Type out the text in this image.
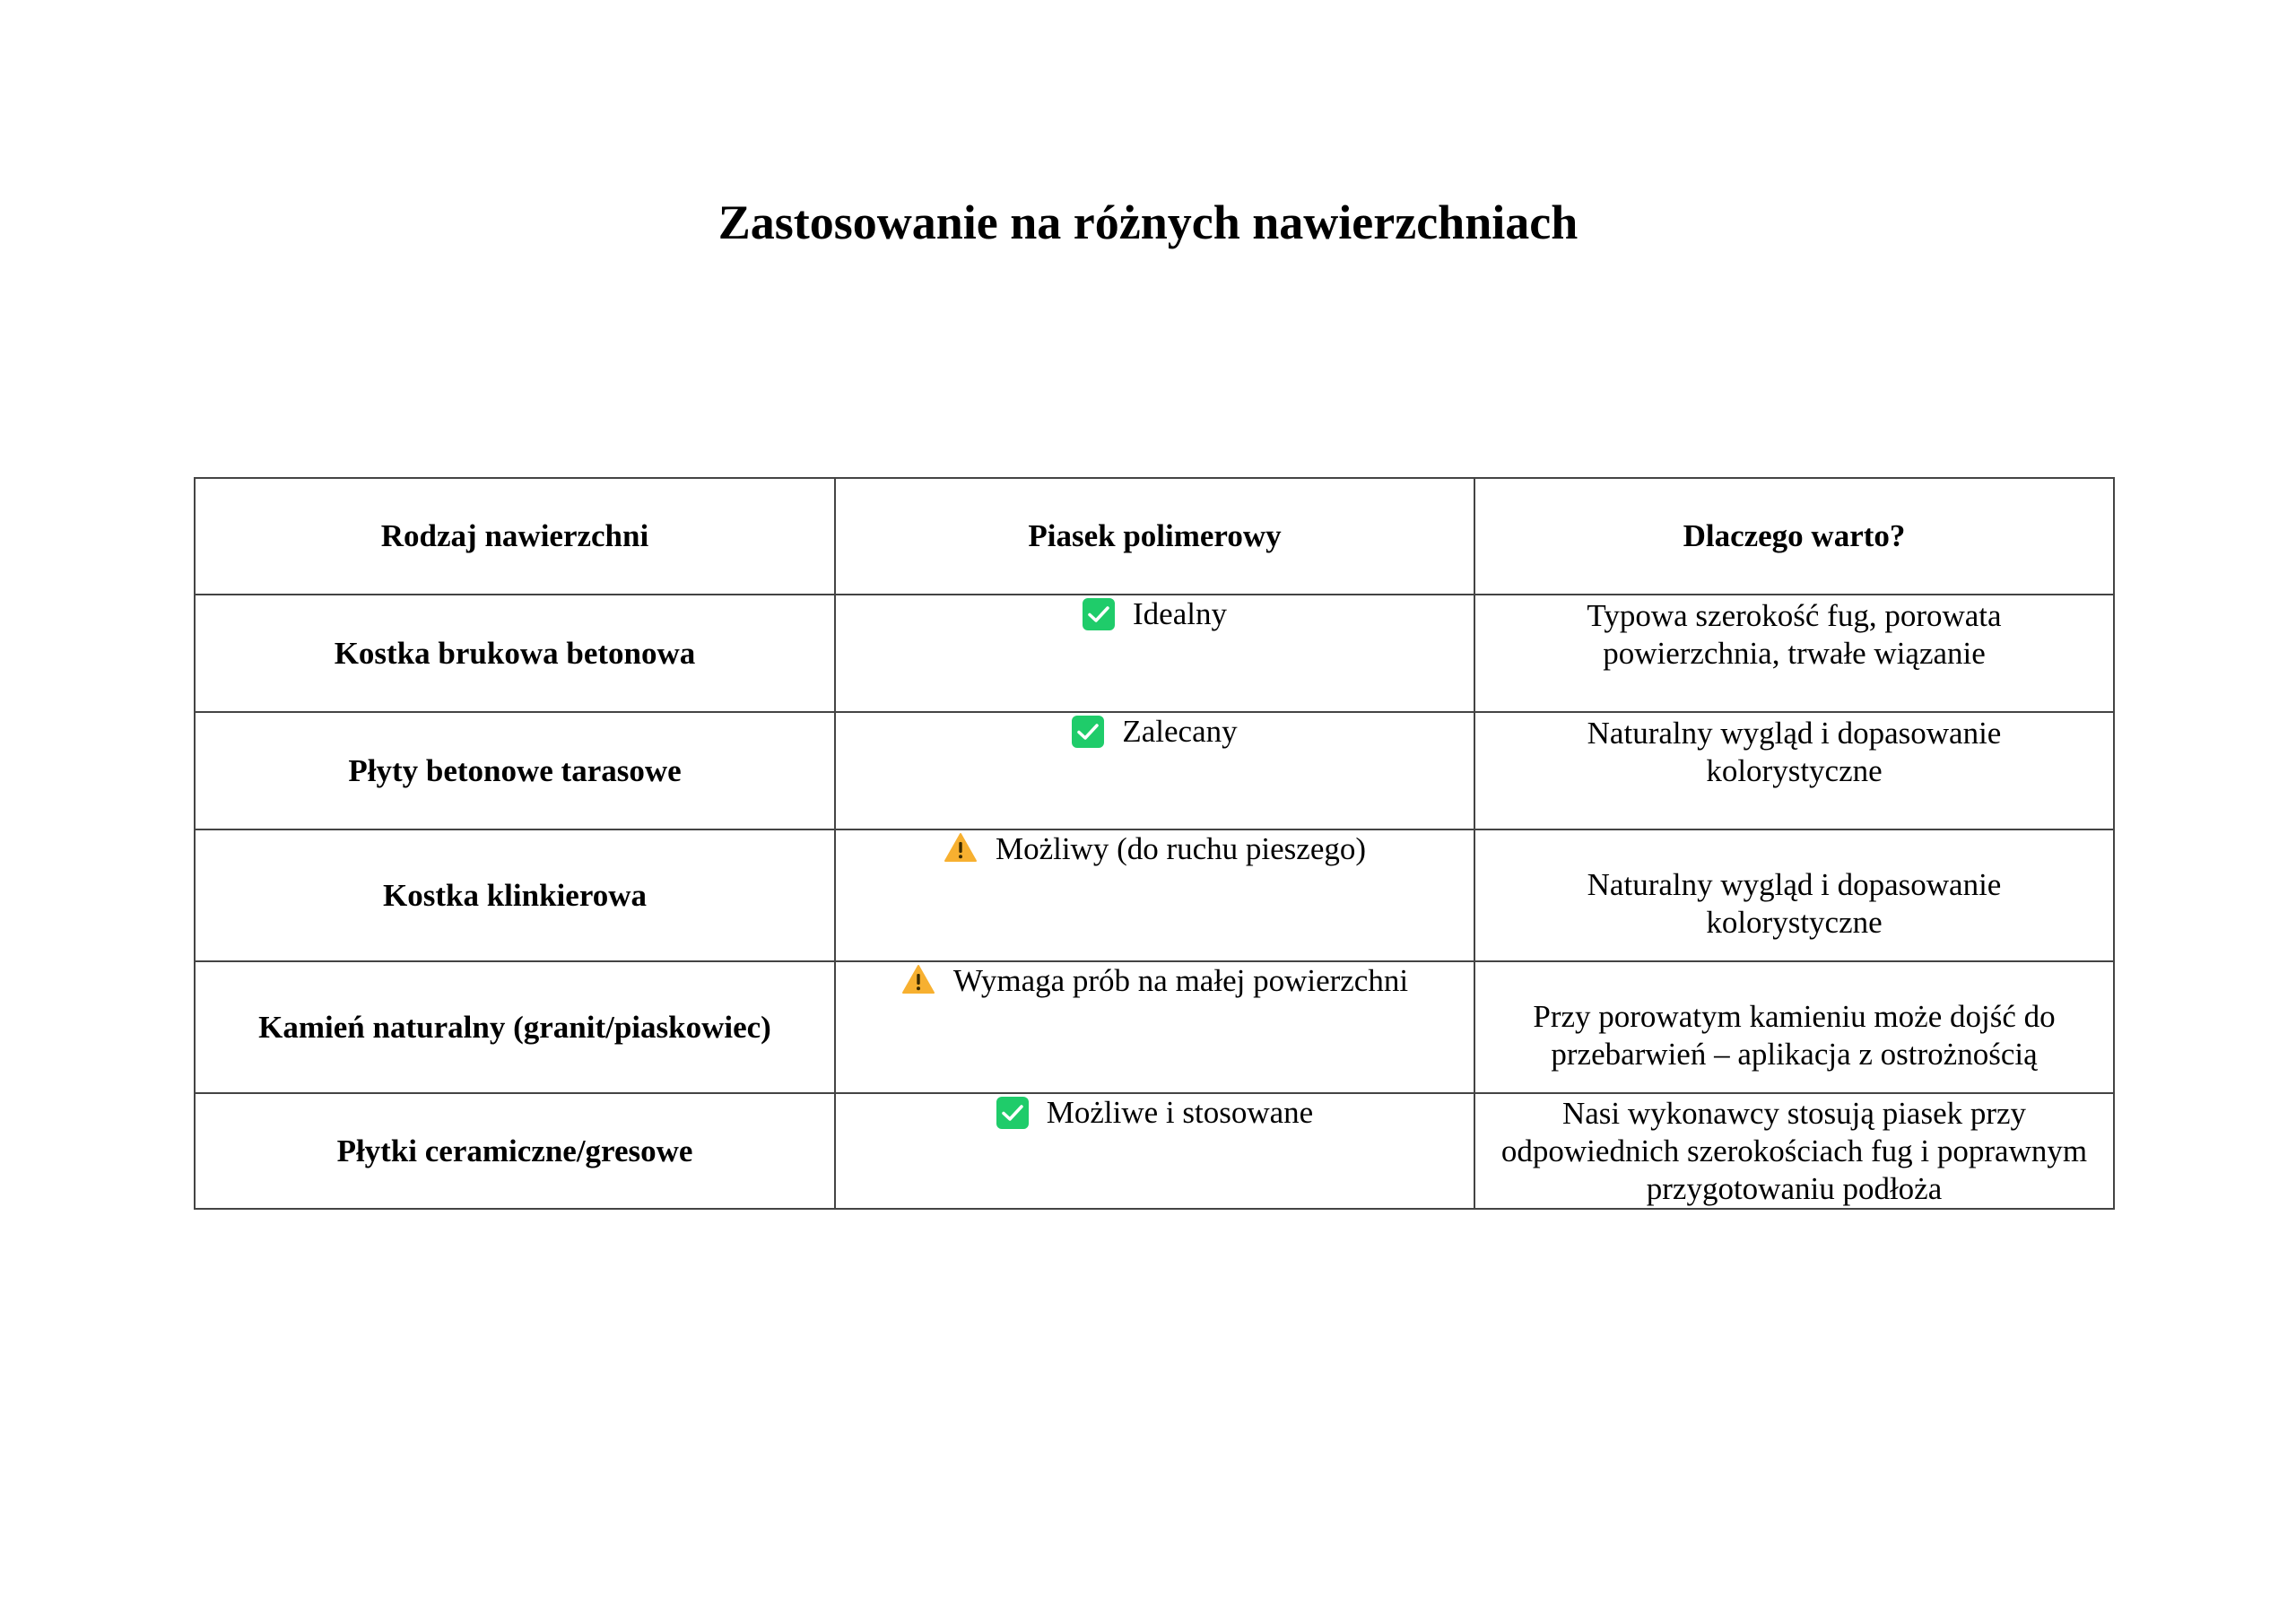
Zastosowanie na różnych nawierzchniach
Rodzaj nawierzchni	Piasek polimerowy	Dlaczego warto?
Kostka brukowa betonowa	Idealny	Typowa szerokość fug, porowata powierzchnia, trwałe wiązanie
Płyty betonowe tarasowe	Zalecany	Naturalny wygląd i dopasowanie kolorystyczne
Kostka klinkierowa	Możliwy (do ruchu pieszego)	Naturalny wygląd i dopasowanie kolorystyczne
Kamień naturalny (granit/piaskowiec)	Wymaga prób na małej powierzchni	Przy porowatym kamieniu może dojść do przebarwień – aplikacja z ostrożnością
Płytki ceramiczne/gresowe	Możliwe i stosowane	Nasi wykonawcy stosują piasek przy odpowiednich szerokościach fug i poprawnym przygotowaniu podłoża
